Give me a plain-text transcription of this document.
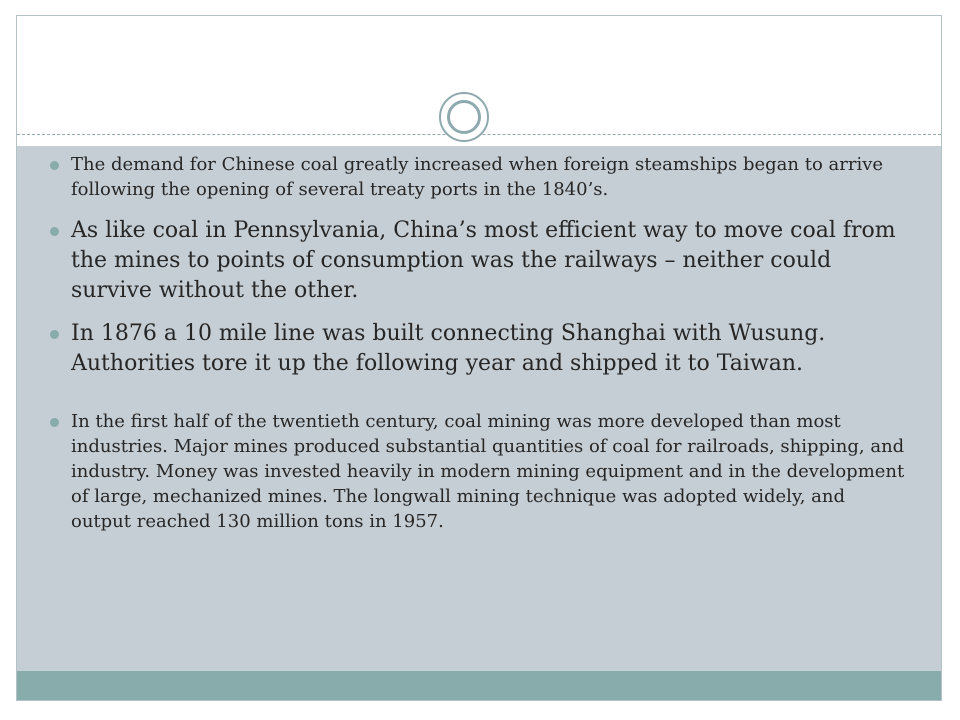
The demand for Chinese coal greatly increased when foreign steamships began to arrive following the opening of several treaty ports in the 1840’s.
As like coal in Pennsylvania, China’s most efficient way to move coal from the mines to points of consumption was the railways – neither could survive without the other.
In 1876 a 10 mile line was built connecting Shanghai with Wusung. Authorities tore it up the following year and shipped it to Taiwan.
In the first half of the twentieth century, coal mining was more developed than most industries. Major mines produced substantial quantities of coal for railroads, shipping, and industry. Money was invested heavily in modern mining equipment and in the development of large, mechanized mines. The longwall mining technique was adopted widely, and output reached 130 million tons in 1957.
